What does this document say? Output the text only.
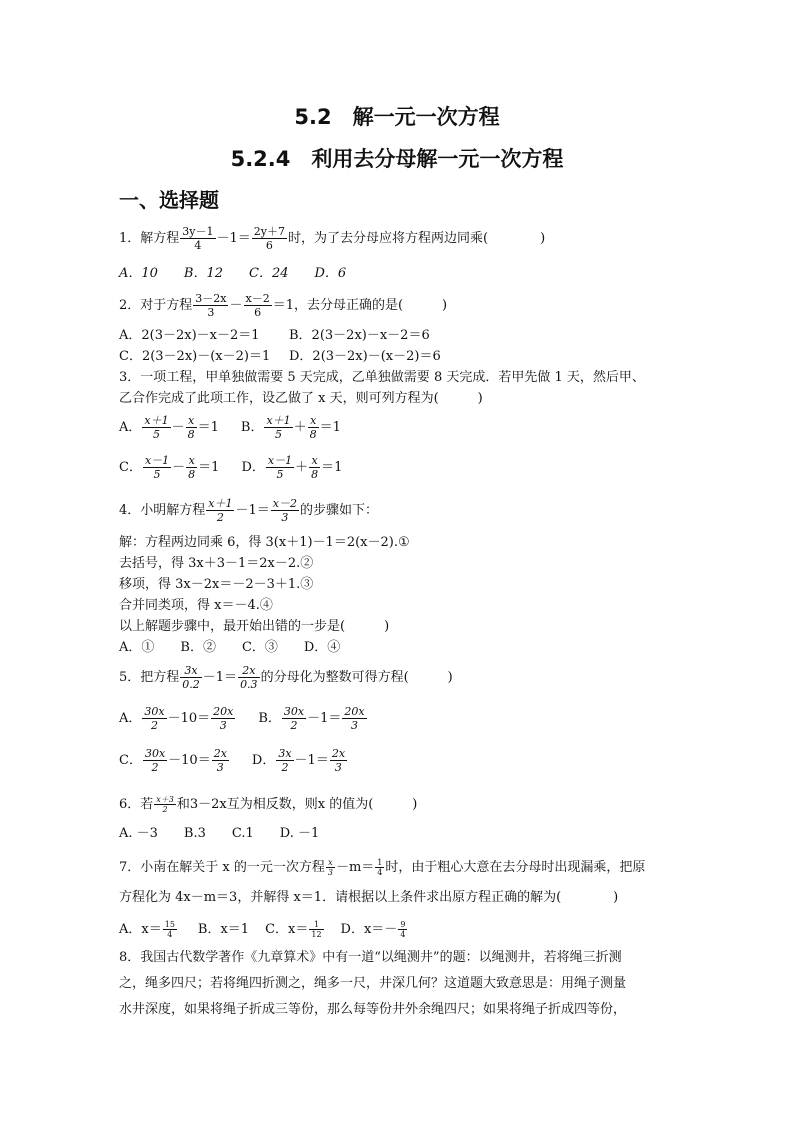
5.2　解一元一次方程
5.2.4　利用去分母解一元一次方程
一、选择题
1．解方程 $\frac{3y-1}{4} -1= \frac{2y+7}{6}$ 时，为了去分母应将方程两边同乘(　　　　)
A．10　　B．12　　C．24　　D．6
2．对于方程 $\frac{3-2x}{3} - \frac{x-2}{6} =1$，去分母正确的是(　　　)
A．2(3－2x)－x－2＝1 B．2(3－2x)－x－2＝6
C．2(3－2x)－(x－2)＝1 D．2(3－2x)－(x－2)＝6
3．一项工程，甲单独做需要 5 天完成，乙单独做需要 8 天完成．若甲先做 1 天，然后甲、
乙合作完成了此项工作，设乙做了 x 天，则可列方程为(　　　)
A． $\frac{x+1}{5} - \frac{x}{8} =1$ B． $\frac{x+1}{5} + \frac{x}{8} =1$
C． $\frac{x-1}{5} - \frac{x}{8} =1$ D． $\frac{x-1}{5} + \frac{x}{8} =1$
4．小明解方程 $\frac{x+1}{2} -1= \frac{x-2}{3}$ 的步骤如下：
解：方程两边同乘 6，得 3(x＋1)－1＝2(x－2).①
去括号，得 3x＋3－1＝2x－2.②
移项，得 3x－2x＝－2－3＋1.③
合并同类项，得 x＝－4.④
以上解题步骤中，最开始出错的一步是(　　　)
A．①　　B．②　　C．③　　D．④
5．把方程 $\frac{3x}{0.2} -1= \frac{2x}{0.3}$ 的分母化为整数可得方程(　　　)
A． $\frac{30x}{2} -10= \frac{20x}{3}$ B． $\frac{30x}{2} -1= \frac{20x}{3}$
C． $\frac{30x}{2} -10= \frac{2x}{3}$ D． $\frac{3x}{2} -1= \frac{2x}{3}$
6．若 $\frac{x+3}{2}$ 和3－2x互为相反数，则x 的值为(　　　)
A. －3　　B.3　　C.1　　D. －1
7．小南在解关于 x 的一元一次方程 $\frac{x}{3} -m= \frac{1}{4}$ 时，由于粗心大意在去分母时出现漏乘，把原
方程化为 4x－m＝3，并解得 x＝1．请根据以上条件求出原方程正确的解为(　　　　)
A．$x= \frac{15}{4}$ B．x＝1 C．$x= \frac{1}{12}$ D．$x=- \frac{9}{4}$
8．我国古代数学著作《九章算术》中有一道“以绳测井”的题：以绳测井，若将绳三折测
之，绳多四尺；若将绳四折测之，绳多一尺，井深几何？这道题大致意思是：用绳子测量
水井深度，如果将绳子折成三等份，那么每等份井外余绳四尺；如果将绳子折成四等份，
